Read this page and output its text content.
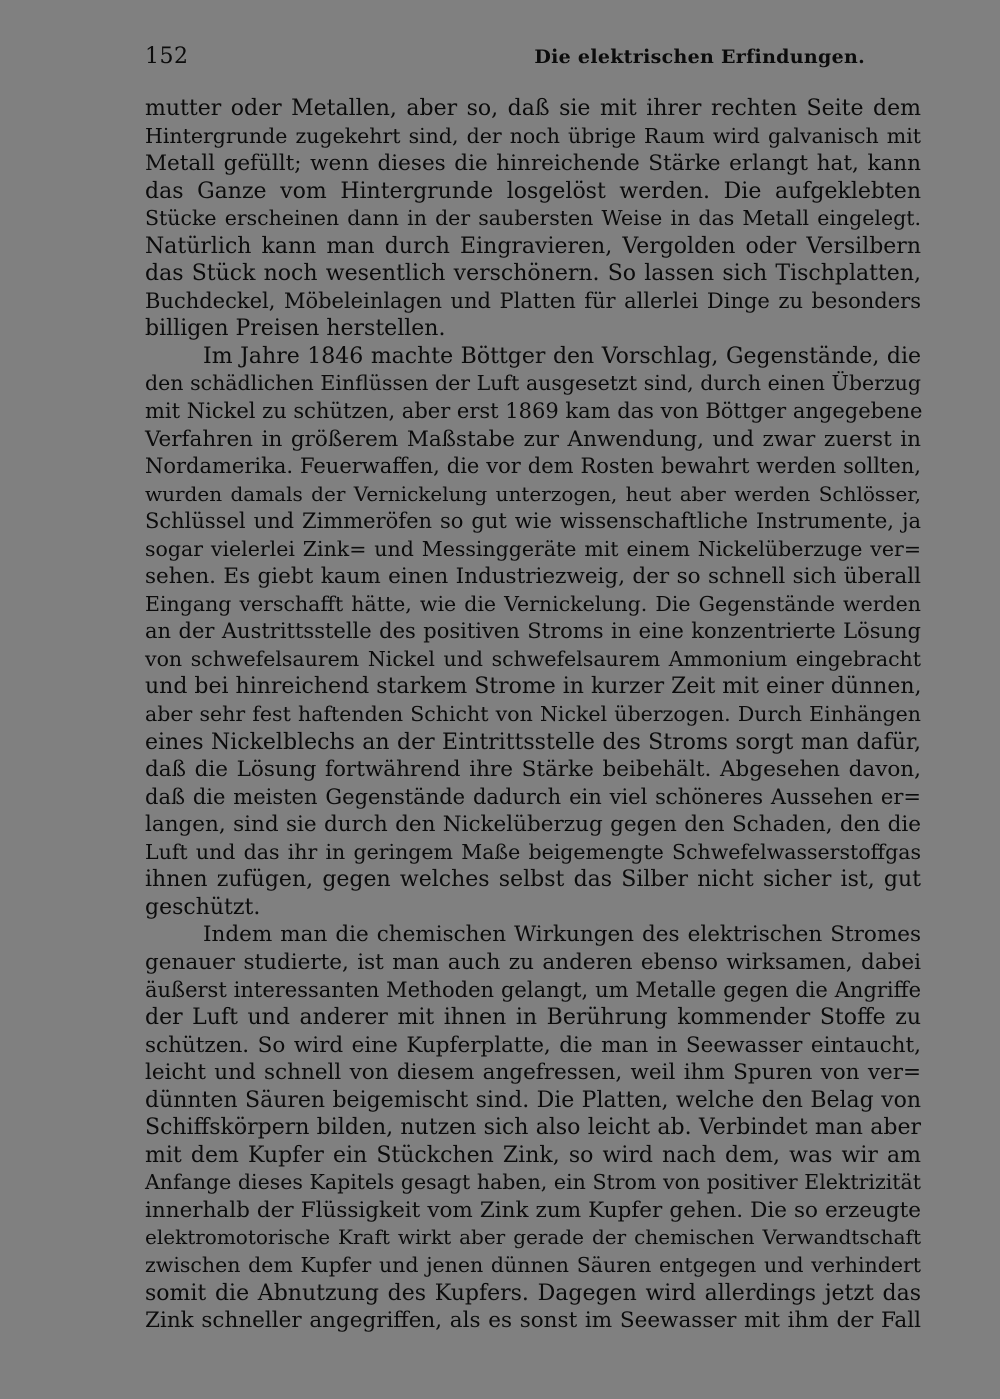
152	Die elektrischen Erfindungen.
mutter oder Metallen, aber so, daß sie mit ihrer rechten Seite dem
Hintergrunde zugekehrt sind, der noch übrige Raum wird galvanisch mit
Metall gefüllt; wenn dieses die hinreichende Stärke erlangt hat, kann
das Ganze vom Hintergrunde losgelöst werden. Die aufgeklebten
Stücke erscheinen dann in der saubersten Weise in das Metall eingelegt.
Natürlich kann man durch Eingravieren, Vergolden oder Versilbern
das Stück noch wesentlich verschönern. So lassen sich Tischplatten,
Buchdeckel, Möbeleinlagen und Platten für allerlei Dinge zu besonders
billigen Preisen herstellen.
Im Jahre 1846 machte Böttger den Vorschlag, Gegenstände, die
den schädlichen Einflüssen der Luft ausgesetzt sind, durch einen Überzug
mit Nickel zu schützen, aber erst 1869 kam das von Böttger angegebene
Verfahren in größerem Maßstabe zur Anwendung, und zwar zuerst in
Nordamerika. Feuerwaffen, die vor dem Rosten bewahrt werden sollten,
wurden damals der Vernickelung unterzogen, heut aber werden Schlösser,
Schlüssel und Zimmeröfen so gut wie wissenschaftliche Instrumente, ja
sogar vielerlei Zink= und Messinggeräte mit einem Nickelüberzuge ver=
sehen. Es giebt kaum einen Industriezweig, der so schnell sich überall
Eingang verschafft hätte, wie die Vernickelung. Die Gegenstände werden
an der Austrittsstelle des positiven Stroms in eine konzentrierte Lösung
von schwefelsaurem Nickel und schwefelsaurem Ammonium eingebracht
und bei hinreichend starkem Strome in kurzer Zeit mit einer dünnen,
aber sehr fest haftenden Schicht von Nickel überzogen. Durch Einhängen
eines Nickelblechs an der Eintrittsstelle des Stroms sorgt man dafür,
daß die Lösung fortwährend ihre Stärke beibehält. Abgesehen davon,
daß die meisten Gegenstände dadurch ein viel schöneres Aussehen er=
langen, sind sie durch den Nickelüberzug gegen den Schaden, den die
Luft und das ihr in geringem Maße beigemengte Schwefelwasserstoffgas
ihnen zufügen, gegen welches selbst das Silber nicht sicher ist, gut
geschützt.
Indem man die chemischen Wirkungen des elektrischen Stromes
genauer studierte, ist man auch zu anderen ebenso wirksamen, dabei
äußerst interessanten Methoden gelangt, um Metalle gegen die Angriffe
der Luft und anderer mit ihnen in Berührung kommender Stoffe zu
schützen. So wird eine Kupferplatte, die man in Seewasser eintaucht,
leicht und schnell von diesem angefressen, weil ihm Spuren von ver=
dünnten Säuren beigemischt sind. Die Platten, welche den Belag von
Schiffskörpern bilden, nutzen sich also leicht ab. Verbindet man aber
mit dem Kupfer ein Stückchen Zink, so wird nach dem, was wir am
Anfange dieses Kapitels gesagt haben, ein Strom von positiver Elektrizität
innerhalb der Flüssigkeit vom Zink zum Kupfer gehen. Die so erzeugte
elektromotorische Kraft wirkt aber gerade der chemischen Verwandtschaft
zwischen dem Kupfer und jenen dünnen Säuren entgegen und verhindert
somit die Abnutzung des Kupfers. Dagegen wird allerdings jetzt das
Zink schneller angegriffen, als es sonst im Seewasser mit ihm der Fall
